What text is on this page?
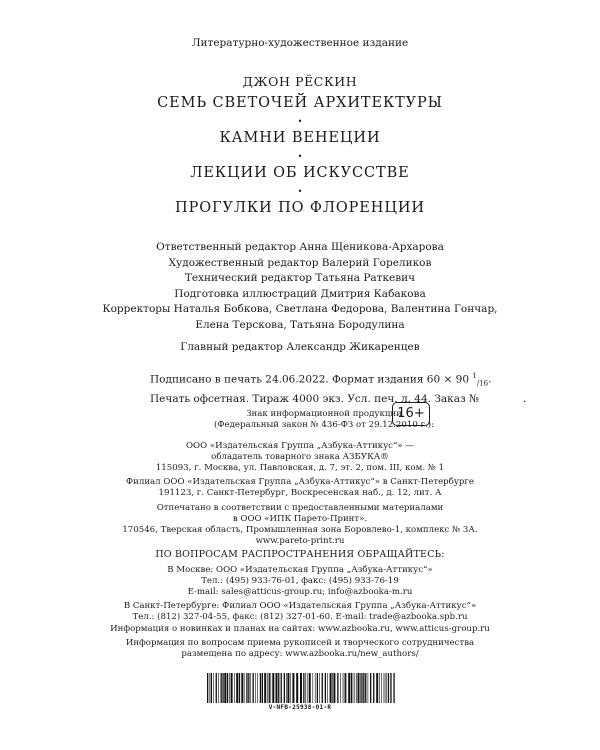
Литературно-художественное издание
ДЖОН РЁСКИН
СЕМЬ СВЕТОЧЕЙ АРХИТЕКТУРЫ
•
КАМНИ ВЕНЕЦИИ
•
ЛЕКЦИИ ОБ ИСКУССТВЕ
•
ПРОГУЛКИ ПО ФЛОРЕНЦИИ
Ответственный редактор Анна Щеникова-Архарова
Художественный редактор Валерий Гореликов
Технический редактор Татьяна Раткевич
Подготовка иллюстраций Дмитрия Кабакова
Корректоры Наталья Бобкова, Светлана Федорова, Валентина Гончар,
Елена Терскова, Татьяна Бородулина
Главный редактор Александр Жикаренцев
Подписано в печать 24.06.2022. Формат издания 60 × 90 $^1_{/16}$.
Печать офсетная. Тираж 4000 экз. Усл. печ. л. 44. Заказ №	.
Знак информационной продукции
(Федеральный закон № 436-ФЗ от 29.12.2010 г.):
16+
ООО «Издательская Группа „Азбука-Аттикус“» —
обладатель товарного знака АЗБУКА®
115093, г. Москва, ул. Павловская, д. 7, эт. 2, пом. III, ком. № 1
Филиал ООО «Издательская Группа „Азбука-Аттикус“» в Санкт-Петербурге
191123, г. Санкт-Петербург, Воскресенская наб., д. 12, лит. А
Отпечатано в соответствии с предоставленными материалами
в ООО «ИПК Парето-Принт».
170546, Тверская область, Промышленная зона Боровлево-1, комплекс № 3А.
www.pareto-print.ru
ПО ВОПРОСАМ РАСПРОСТРАНЕНИЯ ОБРАЩАЙТЕСЬ:
В Москве: ООО «Издательская Группа „Азбука-Аттикус“»
Тел.: (495) 933-76-01, факс: (495) 933-76-19
E-mail: sales@atticus-group.ru; info@azbooka-m.ru
В Санкт-Петербурге: Филиал ООО «Издательская Группа „Азбука-Аттикус“»
Тел.: (812) 327-04-55, факс: (812) 327-01-60. E-mail: trade@azbooka.spb.ru
Информация о новинках и планах на сайтах: www.azbooka.ru, www.atticus-group.ru
Информация по вопросам приема рукописей и творческого сотрудничества
размещена по адресу: www.azbooka.ru/new_authors/
V-NFB-25938-01-R
